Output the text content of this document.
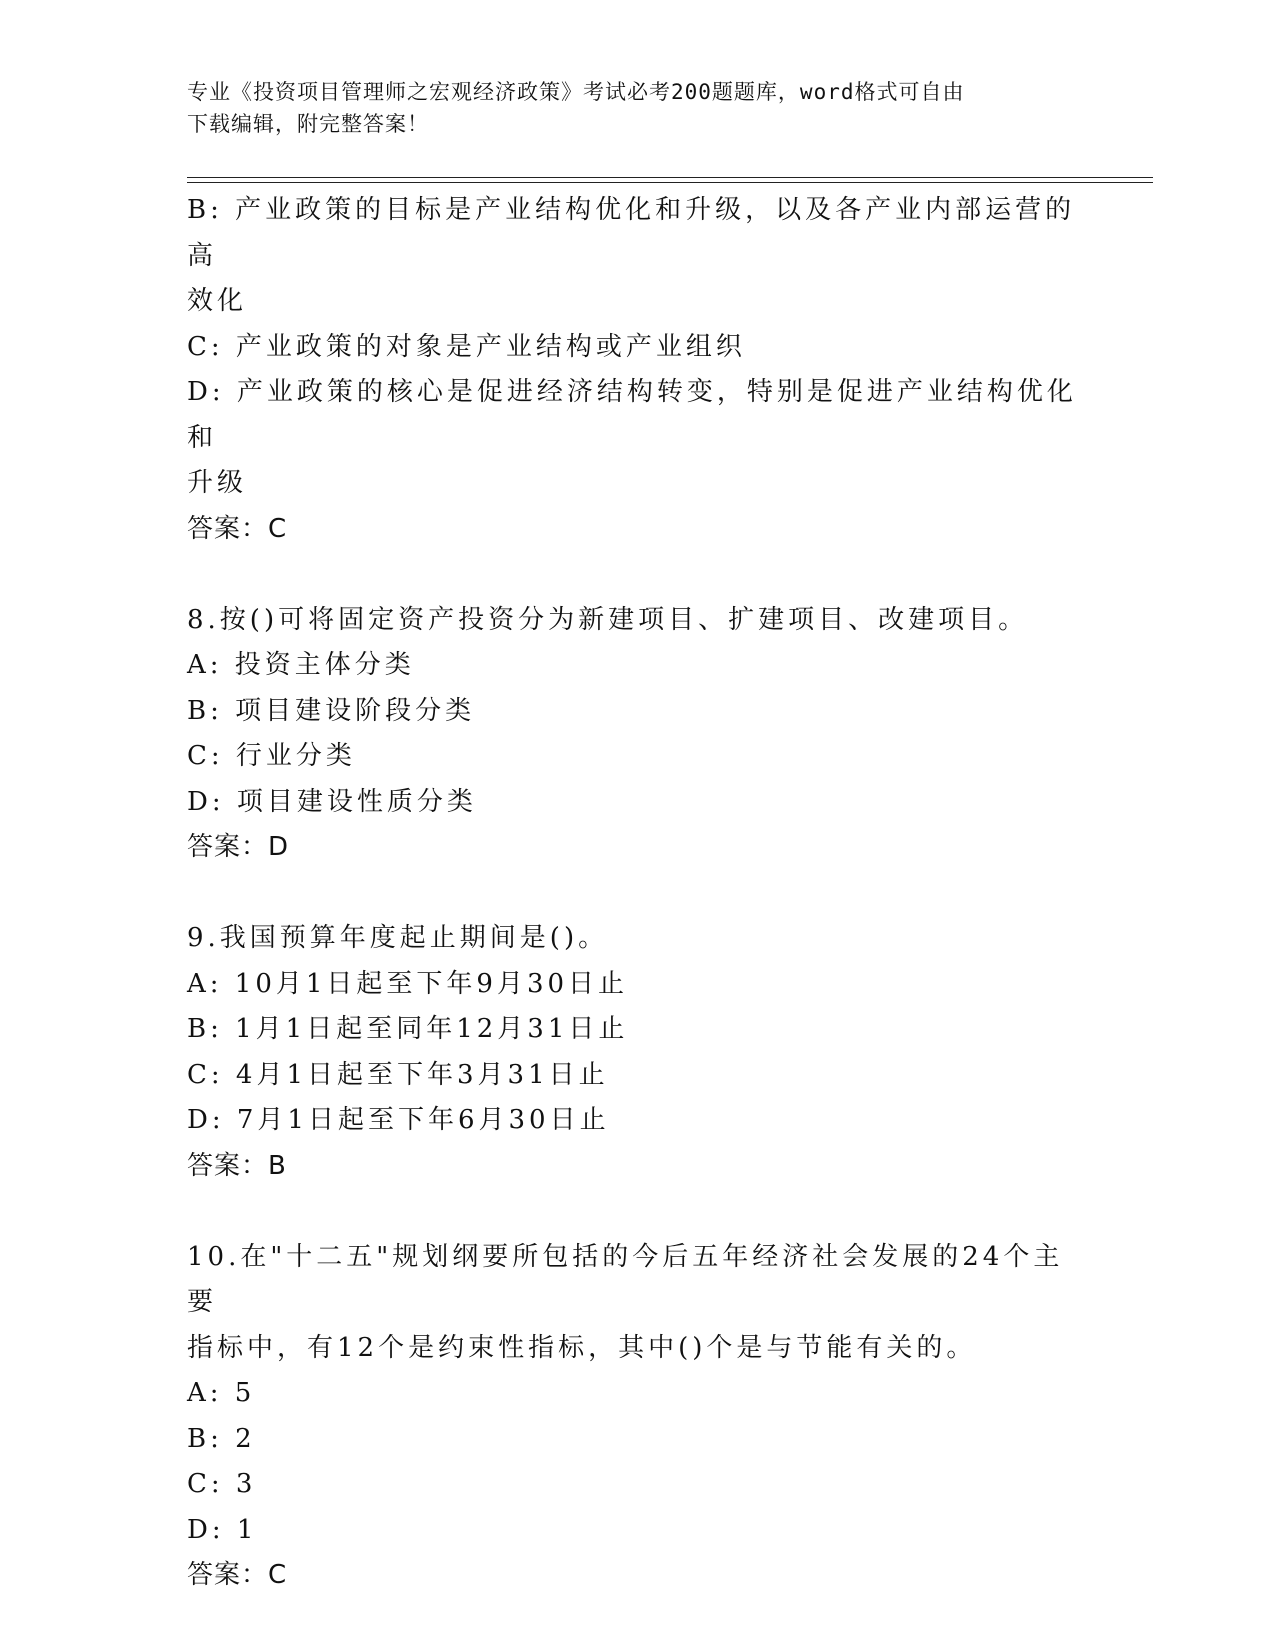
专业《投资项目管理师之宏观经济政策》考试必考200题题库，word格式可自由
下载编辑，附完整答案！
B: 产业政策的目标是产业结构优化和升级，以及各产业内部运营的高
效化
C: 产业政策的对象是产业结构或产业组织
D: 产业政策的核心是促进经济结构转变，特别是促进产业结构优化和
升级
答案：C
8.按()可将固定资产投资分为新建项目、扩建项目、改建项目。
A: 投资主体分类
B: 项目建设阶段分类
C: 行业分类
D: 项目建设性质分类
答案：D
9.我国预算年度起止期间是()。
A: 10月1日起至下年9月30日止
B: 1月1日起至同年12月31日止
C: 4月1日起至下年3月31日止
D: 7月1日起至下年6月30日止
答案：B
10.在"十二五"规划纲要所包括的今后五年经济社会发展的24个主要
指标中，有12个是约束性指标，其中()个是与节能有关的。
A: 5
B: 2
C: 3
D: 1
答案：C
